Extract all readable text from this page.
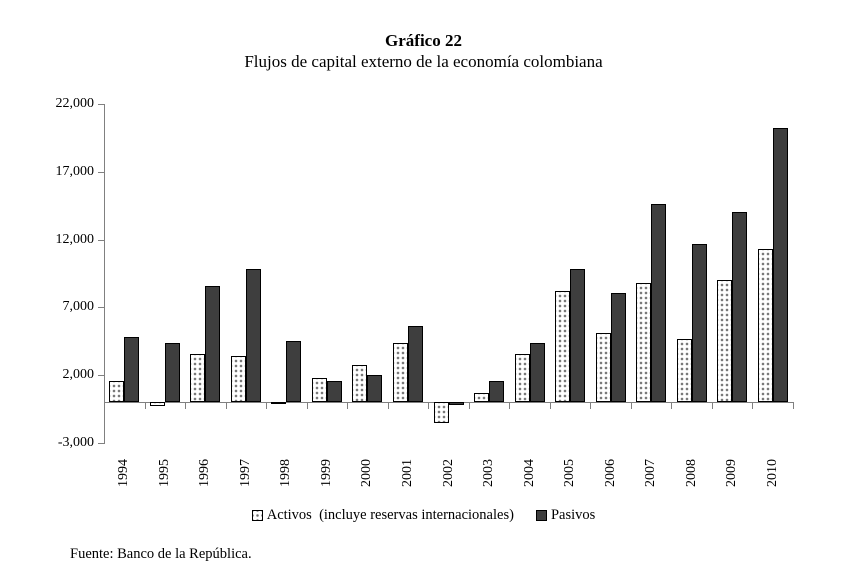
Gráfico 22
Flujos de capital externo de la economía colombiana
-3,000
2,000
7,000
12,000
17,000
22,000
1994 1995 1996 1997 1998 1999 2000 2001 2002 2003 2004 2005 2006 2007 2008 2009 2010
Activos  (incluye reservas internacionales)	Pasivos
Fuente: Banco de la República.
